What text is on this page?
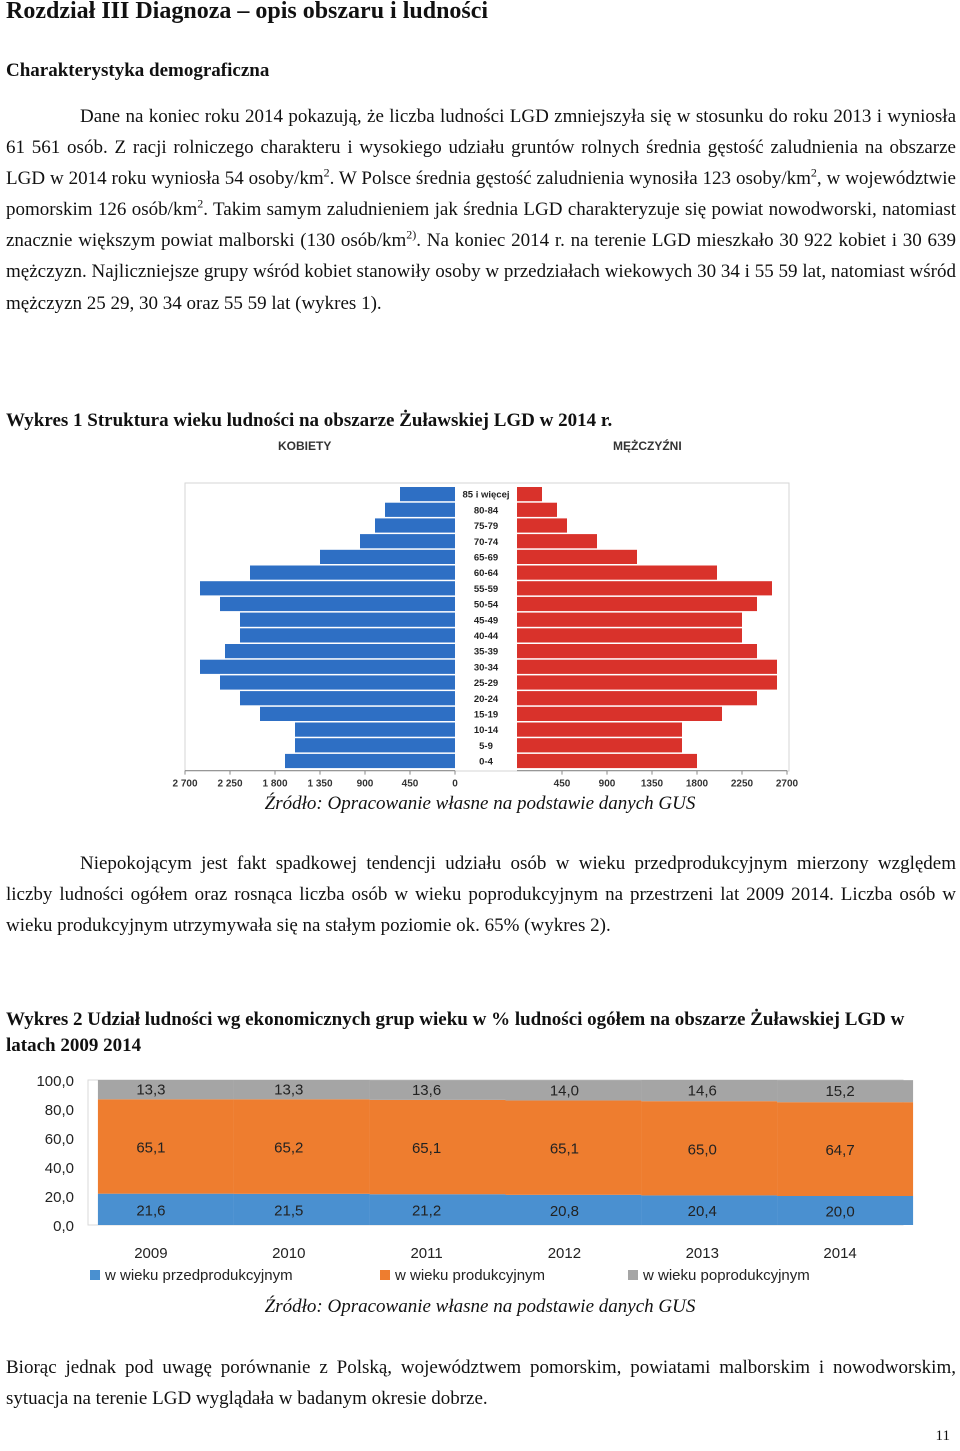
Rozdział III Diagnoza – opis obszaru i ludności
Charakterystyka demograficzna
Dane na koniec roku 2014 pokazują, że liczba ludności LGD zmniejszyła się w stosunku do roku 2013 i wyniosła 61 561 osób. Z racji rolniczego charakteru i wysokiego udziału gruntów rolnych średnia gęstość zaludnienia na obszarze LGD w 2014 roku wyniosła 54 osoby/$km^2$. W Polsce średnia gęstość zaludnienia wynosiła 123 osoby/$km^2$, w województwie pomorskim 126 osób/$km^2$. Takim samym zaludnieniem jak średnia LGD charakteryzuje się powiat nowodworski, natomiast znacznie większym powiat malborski (130 osób/$km^{2)}$. Na koniec 2014 r. na terenie LGD mieszkało 30 922 kobiet i 30 639 mężczyzn. Najliczniejsze grupy wśród kobiet stanowiły osoby w przedziałach wiekowych 30 34 i 55 59 lat, natomiast wśród mężczyzn 25 29, 30 34 oraz 55 59 lat (wykres 1).
Wykres 1 Struktura wieku ludności na obszarze Żuławskiej LGD w 2014 r.
KOBIETY	MĘŻCZYŹNI
0-4
5-9
10-14
15-19
20-24
25-29
30-34
35-39
40-44
45-49
50-54
55-59
60-64
65-69
70-74
75-79
80-84
85 i więcej
2 700 2 250 1 800 1 350 900	450	0	450	900	1350 1800 2250 2700
Źródło: Opracowanie własne na podstawie danych GUS
Niepokojącym jest fakt spadkowej tendencji udziału osób w wieku przedprodukcyjnym mierzony względem liczby ludności ogółem oraz rosnąca liczba osób w wieku poprodukcyjnym na przestrzeni lat 2009 2014. Liczba osób w wieku produkcyjnym utrzymywała się na stałym poziomie ok. 65% (wykres 2).
Wykres 2 Udział ludności wg ekonomicznych grup wieku w % ludności ogółem na obszarze Żuławskiej LGD w latach 2009 2014
100,0
80,0
60,0
40,0
20,0
0,0
21,6
65,1
13,3
2009
21,5
65,2
13,3
2010
21,2
65,1
13,6
2011
20,8
65,1
14,0
2012
20,4
65,0
14,6
2013
20,0
64,7
15,2
2014
w wieku przedprodukcyjnym	w wieku produkcyjnym	w wieku poprodukcyjnym
Źródło: Opracowanie własne na podstawie danych GUS
Biorąc jednak pod uwagę porównanie z Polską, województwem pomorskim, powiatami malborskim i nowodworskim, sytuacja na terenie LGD wyglądała w badanym okresie dobrze.
11
